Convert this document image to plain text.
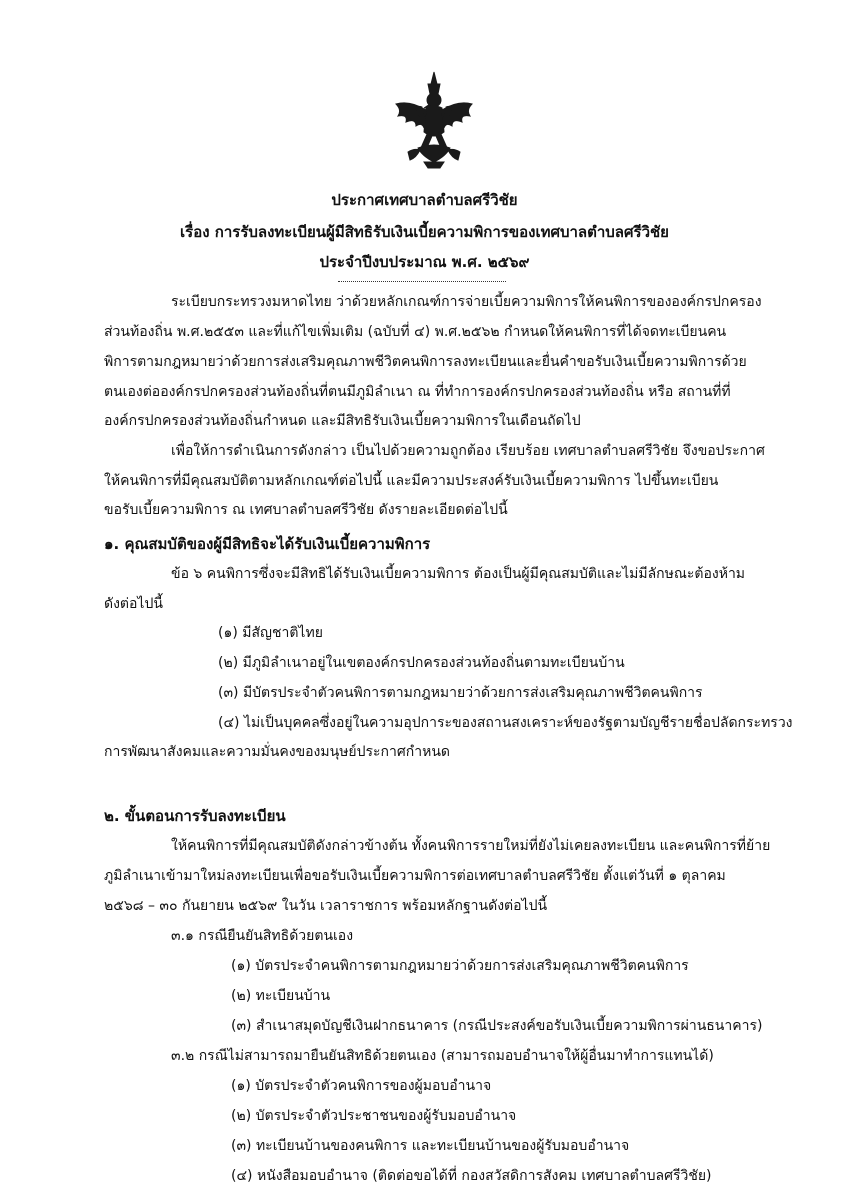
ประกาศเทศบาลตำบลศรีวิชัย
เรื่อง การรับลงทะเบียนผู้มีสิทธิรับเงินเบี้ยความพิการของเทศบาลตำบลศรีวิชัย
ประจำปีงบประมาณ พ.ศ. ๒๕๖๙
ระเบียบกระทรวงมหาดไทย ว่าด้วยหลักเกณฑ์การจ่ายเบี้ยความพิการให้คนพิการขององค์กรปกครอง
ส่วนท้องถิ่น พ.ศ.๒๕๕๓ และที่แก้ไขเพิ่มเติม (ฉบับที่ ๔) พ.ศ.๒๕๖๒ กำหนดให้คนพิการที่ได้จดทะเบียนคน
พิการตามกฎหมายว่าด้วยการส่งเสริมคุณภาพชีวิตคนพิการลงทะเบียนและยื่นคำขอรับเงินเบี้ยความพิการด้วย
ตนเองต่อองค์กรปกครองส่วนท้องถิ่นที่ตนมีภูมิลำเนา ณ ที่ทำการองค์กรปกครองส่วนท้องถิ่น หรือ สถานที่ที่
องค์กรปกครองส่วนท้องถิ่นกำหนด และมีสิทธิรับเงินเบี้ยความพิการในเดือนถัดไป
เพื่อให้การดำเนินการดังกล่าว เป็นไปด้วยความถูกต้อง เรียบร้อย เทศบาลตำบลศรีวิชัย จึงขอประกาศ
ให้คนพิการที่มีคุณสมบัติตามหลักเกณฑ์ต่อไปนี้ และมีความประสงค์รับเงินเบี้ยความพิการ ไปขึ้นทะเบียน
ขอรับเบี้ยความพิการ ณ เทศบาลตำบลศรีวิชัย ดังรายละเอียดต่อไปนี้
๑. คุณสมบัติของผู้มีสิทธิจะได้รับเงินเบี้ยความพิการ
ข้อ ๖ คนพิการซึ่งจะมีสิทธิได้รับเงินเบี้ยความพิการ ต้องเป็นผู้มีคุณสมบัติและไม่มีลักษณะต้องห้าม
ดังต่อไปนี้
(๑) มีสัญชาติไทย
(๒) มีภูมิลำเนาอยู่ในเขตองค์กรปกครองส่วนท้องถิ่นตามทะเบียนบ้าน
(๓) มีบัตรประจำตัวคนพิการตามกฎหมายว่าด้วยการส่งเสริมคุณภาพชีวิตคนพิการ
(๔) ไม่เป็นบุคคลซึ่งอยู่ในความอุปการะของสถานสงเคราะห์ของรัฐตามบัญชีรายชื่อปลัดกระทรวง
การพัฒนาสังคมและความมั่นคงของมนุษย์ประกาศกำหนด
๒. ขั้นตอนการรับลงทะเบียน
ให้คนพิการที่มีคุณสมบัติดังกล่าวข้างต้น ทั้งคนพิการรายใหม่ที่ยังไม่เคยลงทะเบียน และคนพิการที่ย้าย
ภูมิลำเนาเข้ามาใหม่ลงทะเบียนเพื่อขอรับเงินเบี้ยความพิการต่อเทศบาลตำบลศรีวิชัย ตั้งแต่วันที่ ๑ ตุลาคม
๒๕๖๘ – ๓๐ กันยายน ๒๕๖๙ ในวัน เวลาราชการ พร้อมหลักฐานดังต่อไปนี้
๓.๑ กรณียืนยันสิทธิด้วยตนเอง
(๑) บัตรประจำคนพิการตามกฎหมายว่าด้วยการส่งเสริมคุณภาพชีวิตคนพิการ
(๒) ทะเบียนบ้าน
(๓) สำเนาสมุดบัญชีเงินฝากธนาคาร (กรณีประสงค์ขอรับเงินเบี้ยความพิการผ่านธนาคาร)
๓.๒ กรณีไม่สามารถมายืนยันสิทธิด้วยตนเอง (สามารถมอบอำนาจให้ผู้อื่นมาทำการแทนได้)
(๑) บัตรประจำตัวคนพิการของผู้มอบอำนาจ
(๒) บัตรประจำตัวประชาชนของผู้รับมอบอำนาจ
(๓) ทะเบียนบ้านของคนพิการ และทะเบียนบ้านของผู้รับมอบอำนาจ
(๔) หนังสือมอบอำนาจ (ติดต่อขอได้ที่ กองสวัสดิการสังคม เทศบาลตำบลศรีวิชัย)
